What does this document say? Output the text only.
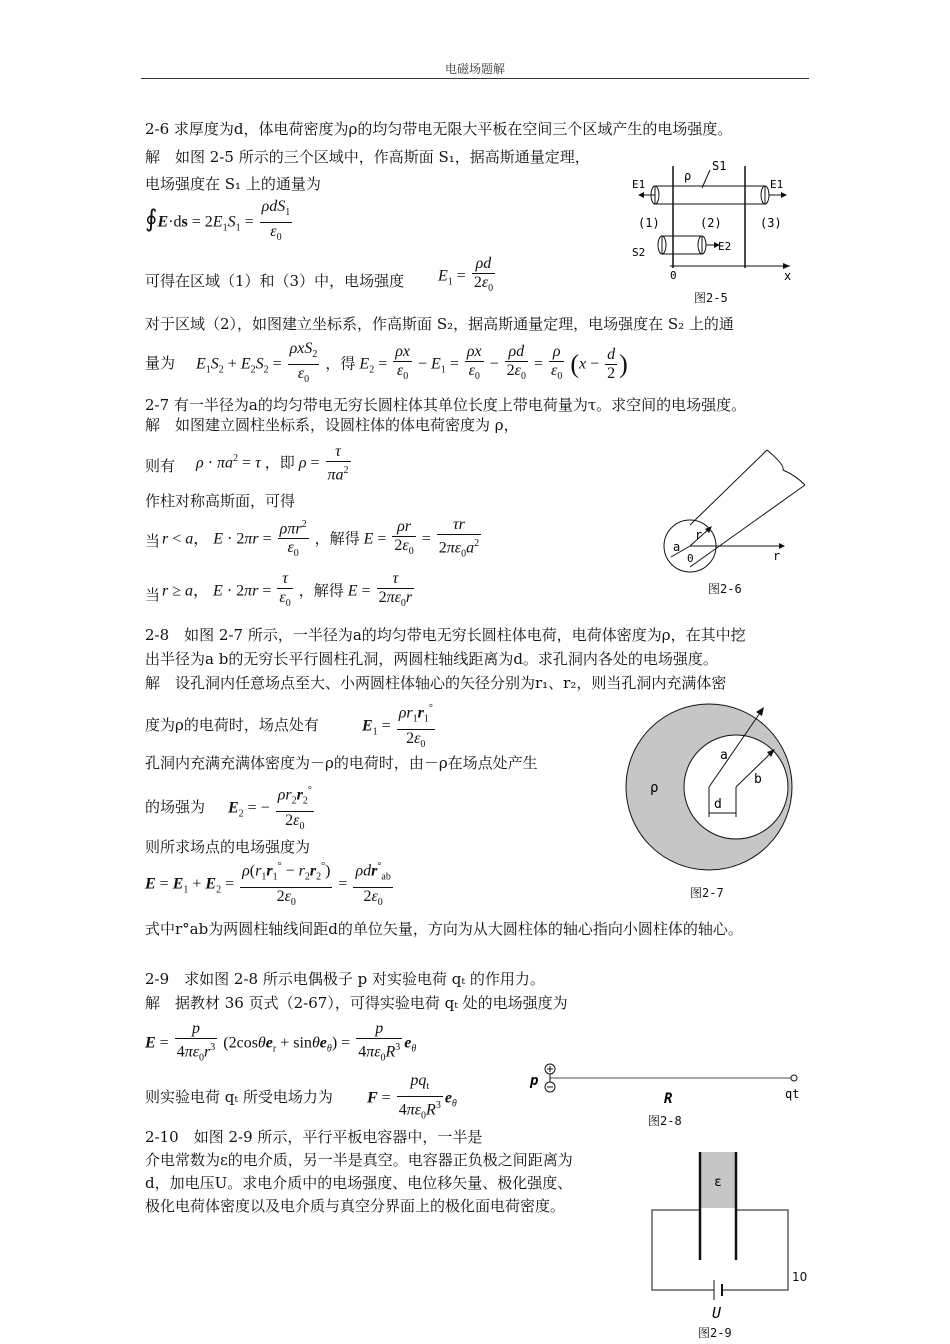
电磁场题解
2-6 求厚度为d，体电荷密度为ρ的均匀带电无限大平板在空间三个区域产生的电场强度。
解　如图 2-5 所示的三个区域中，作高斯面 S₁，据高斯通量定理，
电场强度在 S₁ 上的通量为
∮E·ds = $2E_1S_1 = \frac{\rho dS_1}{\varepsilon_0}$
可得在区域（1）和（3）中，电场强度 $E_1 = \frac{\rho d}{2\varepsilon_0}$
对于区域（2），如图建立坐标系，作高斯面 S₂，据高斯通量定理，电场强度在 S₂ 上的通
量为 $E_1S_2 + E_2S_2 = \frac{\rho xS_2}{\varepsilon_0}$ ，得 $E_2 = \frac{\rho x}{\varepsilon_0} - E_1 = \frac{\rho x}{\varepsilon_0} - \frac{\rho d}{2\varepsilon_0} = \frac{\rho}{\varepsilon_0} (x - \frac{d}{2}$ )
ρ
S1
E1	E1
(1)	(2)	(3)
S2	E2
0	x
图2-5
2-7 有一半径为a的均匀带电无穷长圆柱体其单位长度上带电荷量为τ。求空间的电场强度。
解　如图建立圆柱坐标系，设圆柱体的体电荷密度为 ρ，
则有 $\rho \cdot \pi a^2 = \tau$ ，即 $\rho = \frac{\tau}{\pi a^2}$
作柱对称高斯面，可得
当 r < a， $E \cdot 2\pi r = \frac{\rho\pi r^2}{\varepsilon_0}$ ，解得 $E = \frac{\rho r}{2\varepsilon_0} = \frac{\tau r}{2\pi\varepsilon_0a^2}$
当 r ≥ a， $E \cdot 2\pi r = \frac{\tau}{\varepsilon_0}$ ，解得 $E = \frac{\tau}{2\pi\varepsilon_0r}$
r
a
0	r
图2-6
2-8　如图 2-7 所示，一半径为a的均匀带电无穷长圆柱体电荷，电荷体密度为ρ，在其中挖
出半径为a b的无穷长平行圆柱孔洞，两圆柱轴线距离为d。求孔洞内各处的电场强度。
解　设孔洞内任意场点至大、小两圆柱体轴心的矢径分别为r₁、r₂，则当孔洞内充满体密
度为ρ的电荷时，场点处有	$E_1 = \frac{\rho r_1r_1^\circ}{2\varepsilon_0}$
孔洞内充满充满体密度为－ρ的电荷时，由－ρ在场点处产生
的场强为 $E_2$ = − $\frac{\rho r_2r_2^\circ}{2\varepsilon_0}$
则所求场点的电场强度为
$E = E_1 + E_2 = \frac{\rho(r_1r_1^\circ - r_2r_2^\circ)}{2\varepsilon_0} = \frac{\rho dr^\circ_{ab}}{2\varepsilon_0}$
式中r°ab为两圆柱轴线间距d的单位矢量，方向为从大圆柱体的轴心指向小圆柱体的轴心。
ρ
a
b
d
图2-7
2-9　求如图 2-8 所示电偶极子 p 对实验电荷 qₜ 的作用力。
解　据教材 36 页式（2-67），可得实验电荷 qₜ 处的电场强度为
$E = \frac{p}{4\pi\varepsilon_0r^3} (2\cos\theta e_r + \sin\theta e_\theta) = \frac{p}{4\pi\varepsilon_0R^3} e_\theta$
则实验电荷 qₜ 所受电场力为 $F = \frac{pq_t}{4\pi\varepsilon_0R^3} e_\theta$
p
R	qt
图2-8
2-10　如图 2-9 所示，平行平板电容器中，一半是
介电常数为ε的电介质，另一半是真空。电容器正负极之间距离为
d，加电压U。求电介质中的电场强度、电位移矢量、极化强度、
极化电荷体密度以及电介质与真空分界面上的极化面电荷密度。
ε
U
图2-9
10
